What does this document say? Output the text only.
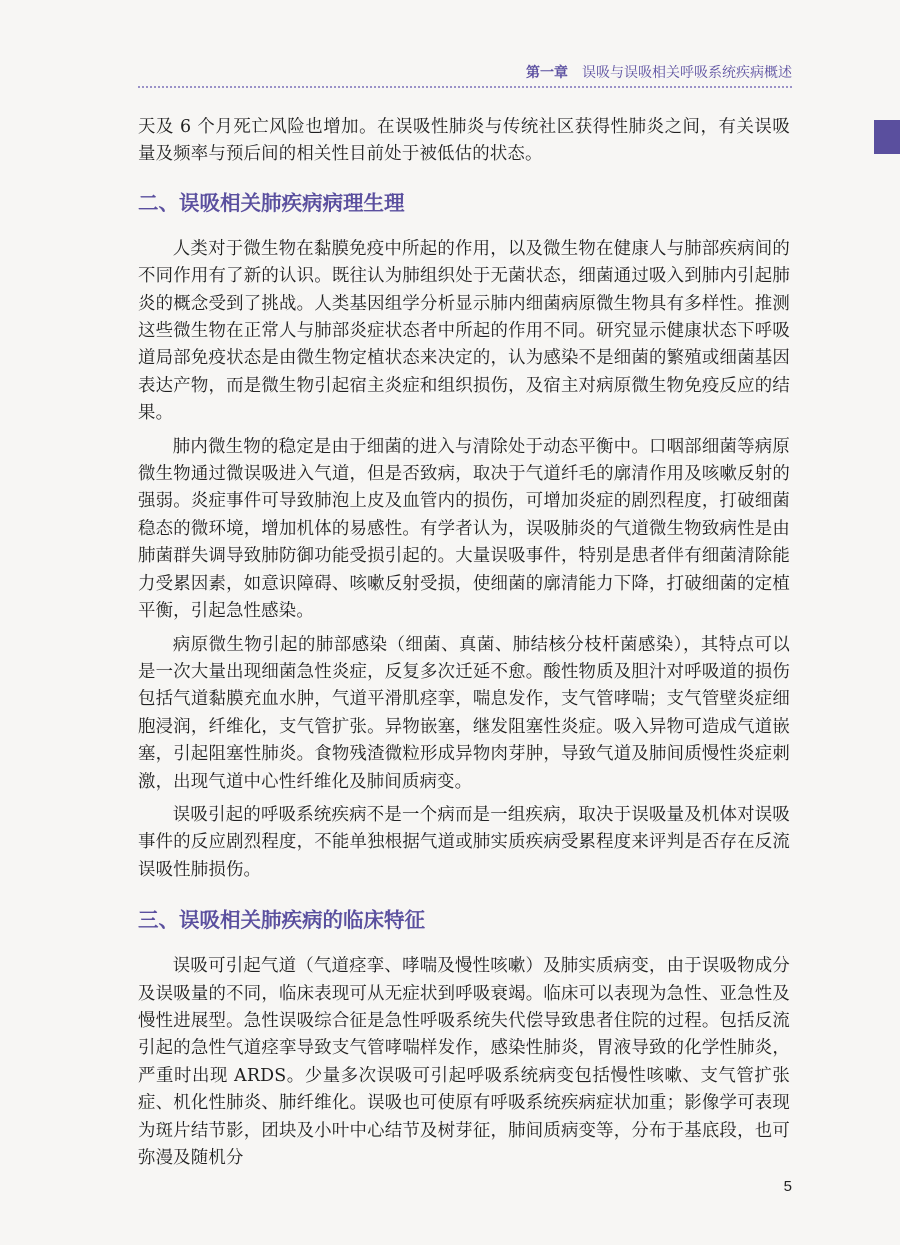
第一章 误吸与误吸相关呼吸系统疾病概述

天及 6 个月死亡风险也增加。在误吸性肺炎与传统社区获得性肺炎之间，有关误吸量及频率与预后间的相关性目前处于被低估的状态。

二、误吸相关肺疾病病理生理

人类对于微生物在黏膜免疫中所起的作用，以及微生物在健康人与肺部疾病间的不同作用有了新的认识。既往认为肺组织处于无菌状态，细菌通过吸入到肺内引起肺炎的概念受到了挑战。人类基因组学分析显示肺内细菌病原微生物具有多样性。推测这些微生物在正常人与肺部炎症状态者中所起的作用不同。研究显示健康状态下呼吸道局部免疫状态是由微生物定植状态来决定的，认为感染不是细菌的繁殖或细菌基因表达产物，而是微生物引起宿主炎症和组织损伤，及宿主对病原微生物免疫反应的结果。

肺内微生物的稳定是由于细菌的进入与清除处于动态平衡中。口咽部细菌等病原微生物通过微误吸进入气道，但是否致病，取决于气道纤毛的廓清作用及咳嗽反射的强弱。炎症事件可导致肺泡上皮及血管内的损伤，可增加炎症的剧烈程度，打破细菌稳态的微环境，增加机体的易感性。有学者认为，误吸肺炎的气道微生物致病性是由肺菌群失调导致肺防御功能受损引起的。大量误吸事件，特别是患者伴有细菌清除能力受累因素，如意识障碍、咳嗽反射受损，使细菌的廓清能力下降，打破细菌的定植平衡，引起急性感染。

病原微生物引起的肺部感染（细菌、真菌、肺结核分枝杆菌感染），其特点可以是一次大量出现细菌急性炎症，反复多次迁延不愈。酸性物质及胆汁对呼吸道的损伤包括气道黏膜充血水肿，气道平滑肌痉挛，喘息发作，支气管哮喘；支气管壁炎症细胞浸润，纤维化，支气管扩张。异物嵌塞，继发阻塞性炎症。吸入异物可造成气道嵌塞，引起阻塞性肺炎。食物残渣微粒形成异物肉芽肿，导致气道及肺间质慢性炎症刺激，出现气道中心性纤维化及肺间质病变。

误吸引起的呼吸系统疾病不是一个病而是一组疾病，取决于误吸量及机体对误吸事件的反应剧烈程度，不能单独根据气道或肺实质疾病受累程度来评判是否存在反流误吸性肺损伤。

三、误吸相关肺疾病的临床特征

误吸可引起气道（气道痉挛、哮喘及慢性咳嗽）及肺实质病变，由于误吸物成分及误吸量的不同，临床表现可从无症状到呼吸衰竭。临床可以表现为急性、亚急性及慢性进展型。急性误吸综合征是急性呼吸系统失代偿导致患者住院的过程。包括反流引起的急性气道痉挛导致支气管哮喘样发作，感染性肺炎，胃液导致的化学性肺炎，严重时出现 ARDS。少量多次误吸可引起呼吸系统病变包括慢性咳嗽、支气管扩张症、机化性肺炎、肺纤维化。误吸也可使原有呼吸系统疾病症状加重；影像学可表现为斑片结节影，团块及小叶中心结节及树芽征，肺间质病变等，分布于基底段，也可弥漫及随机分

5
